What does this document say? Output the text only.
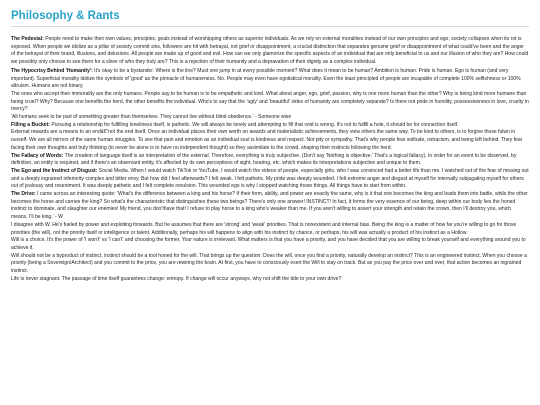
Philosophy & Rants

The Pedestal: People need to make their own values, principles, goals instead of worshipping others as superior individuals. As we rely on external moralities instead of our own principles and ego, society collapses when its rot is exposed. When people we idolize as a pillar of society commit sins, followers are hit with betrayal, not grief or disappointment, a crucial distinction that separates genuine grief or disappointment of what could've been and the anger of the betrayal of their brand, illusions, and delusions. All people are made up of good and evil. How can we only glamorize the specific aspects of an individual that are only beneficial to us and our illusion of who they are? How could we possibly only choose to see them for a sliver of who they truly are? This is a rejection of their humanity and a depravation of their dignity as a complex individual.

The Hypocrisy Behind 'Humanity': It's okay to be a bystander. Where is the line? Must one jump in at every possible moment? What does it mean to be human? Ambition is human. Pride is human. Ego is human (and very important). Superficial morality idolize the symbols of 'good' as the pinnacle of humaneness. No. People may even have egotistical morality. Even the least principled of people are incapable of complete 100% selfishness or 100% altruism. Humans are not binary.

The ones who accept their immorality are the only humans. People say to be human is to be empathetic and kind. What about anger, ego, grief, passion, why is one more human than the other? Why is being kind more humane than being cruel? Why? Because one benefits the herd, the other benefits the individual. Who's to say that the 'ugly' and 'beautiful' sides of humanity are completely separate? Is there not pride in humility, possessiveness in love, cruelty in mercy?

'All humans seek to be part of something greater than themselves. They cannot live without blind obedience.' - Someone wise

Filling a Bucket: Pursuing a relationship for fulfilling loneliness itself, is pathetic. We will always be lonely and attempting to fill that void is wrong. It's not to fulfill a hole, it should be for connection itself.

External rewards are a means to an endâ€”not the end itself. Once an individual places their own worth on awards and materialistic achievements, they view others the same way. To be kind to others, is to forgive those fulwn in ourself. We are all mirrors of the same human struggles. To see that pain and emotion as an individual soul is kindness and respect. Not pity or sympathy. That's why people fear solitude, ostracism, and being left behind. They fear facing their own thoughts and truly thinking (to never be alone is to have no independent thought) so they assimilate to the crowd, shaping their instincts following the herd.

The Fallacy of Words: The creation of language itself is an interpretation of the external. Therefore, everything is truly subjective. (Don't say 'Nothing is objective.' That's a logical fallacy). In order for an event to be observed, by definition, an entity is required, and if there's an observant entity, it's affected by its own perceptions of sight, hearing, etc. which makes its interpretations subjective and unique to them.

The Ego and the Instinct of Disgust: Social Media. When I would watch TikTok or YouTube, I would watch the videos of people, especially girls, who I was convinced had a better life than me. I watched out of the fear of missing out and a deeply ingrained inferiority complex and bitter envy. But how did I feel afterwards? I felt weak. I felt pathetic. My pride was deeply wounded. I felt extreme anger and disgust at myself for internally subjugating myself for others out of jealousy and resentment. It was deeply pathetic and I felt complete revulsion. This wounded ego is why I stopped watching those things. All things have to start from within.

The Drive: I came across an interesting quote: 'What's the difference between a king and his horse? If their form, ability, and power are exactly the same, why is it that one becomes the king and leads them into battle, while the other becomes the horse and carries the king? So what's the characteristic that distinguishes these two beings? There's only one answer! INSTINCT! In fact, it forms the very essence of our being, deep within our body lies the honed instinct to dominate, and slaughter our enemies! My friend, you don'thave that! I refuse to play horse to a king who's weaker than me. If you aren't willing to assert your strength and retain the crown, then I'll destroy you, which means, I'll be king.' - W

I disagree with W. He's fueled by power and exploiting forwards. But he assumes that there are 'strong' and 'weak' priorities. That is nonexistent and internal bias. Being the king is a matter of how far you're willing to go for those priorities (the will), not the priority itself or intelligence or talent. Additionally, perhaps his will happens to align with his instinct by chance, or perhaps, his will was actually a product of his instinct as a Hollow.

Will is a choice. It's the power of 'I won't' vs 'I can't' and choosing the former. Your nature is irrelevant. What matters is that you have a priority, and you have decided that you are willing to break yourself and everything around you to achieve it.

Will should not be a byproduct of instinct, instinct should be a tool honed for the will. That brings up the question: Does the will, once you find a priority, naturally develop an instinct? This is an engineered instinct. When you choose a priority (being a Sovereign/Architect) and you commit to the price, you are rewiring the brain. At first, you have to consciously exert the Will to stay on track. But as you pay the price over and over, that action becomes an ingrained instinct.

Life is never stagnant. The passage of time itself guarantees change: entropy. If change will occur anyways, why not shift the tide to your own drive?
